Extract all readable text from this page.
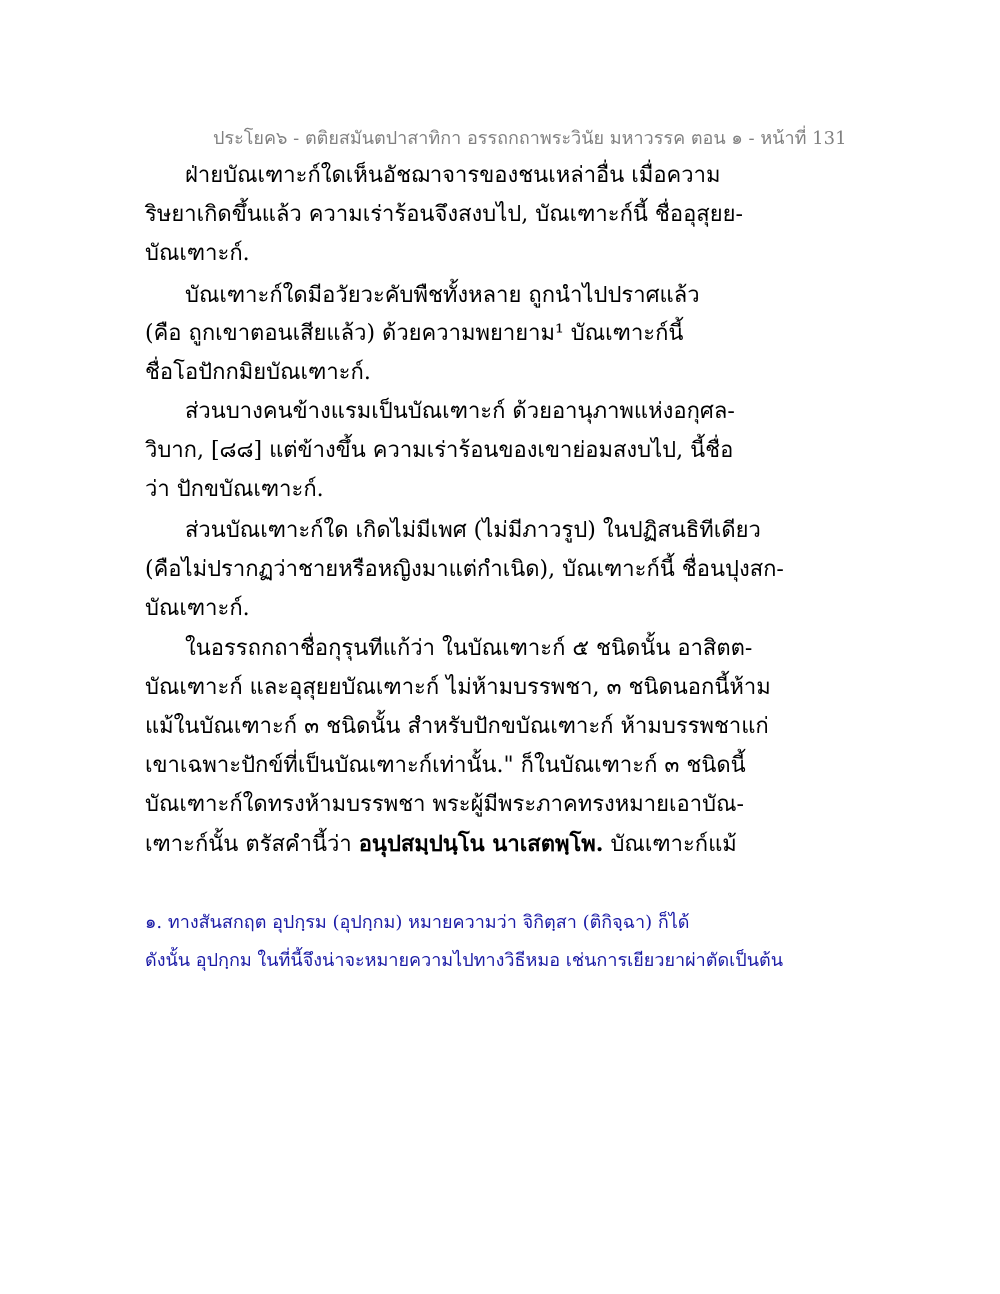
ประโยค๖ - ตติยสมันตปาสาทิกา อรรถกถาพระวินัย มหาวรรค ตอน ๑ - หน้าที่ 131
ฝ่ายบัณเฑาะก์ใดเห็นอัชฌาจารของชนเหล่าอื่น เมื่อความ
ริษยาเกิดขึ้นแล้ว ความเร่าร้อนจึงสงบไป, บัณเฑาะก์นี้ ชื่ออุสุยย-
บัณเฑาะก์.
บัณเฑาะก์ใดมีอวัยวะคับพืชทั้งหลาย ถูกนำไปปราศแล้ว
(คือ ถูกเขาตอนเสียแล้ว) ด้วยความพยายาม¹ บัณเฑาะก์นี้
ชื่อโอปักกมิยบัณเฑาะก์.
ส่วนบางคนข้างแรมเป็นบัณเฑาะก์ ด้วยอานุภาพแห่งอกุศล-
วิบาก, [๘๘] แต่ข้างขึ้น ความเร่าร้อนของเขาย่อมสงบไป, นี้ชื่อ
ว่า ปักขบัณเฑาะก์.
ส่วนบัณเฑาะก์ใด เกิดไม่มีเพศ (ไม่มีภาวรูป) ในปฏิสนธิทีเดียว
(คือไม่ปรากฏว่าชายหรือหญิงมาแต่กำเนิด), บัณเฑาะก์นี้ ชื่อนปุงสก-
บัณเฑาะก์.
ในอรรถกถาชื่อกุรุนทีแก้ว่า ในบัณเฑาะก์ ๕ ชนิดนั้น อาสิตต-
บัณเฑาะก์ และอุสุยยบัณเฑาะก์ ไม่ห้ามบรรพชา, ๓ ชนิดนอกนี้ห้าม
แม้ในบัณเฑาะก์ ๓ ชนิดนั้น สำหรับปักขบัณเฑาะก์ ห้ามบรรพชาแก่
เขาเฉพาะปักข์ที่เป็นบัณเฑาะก์เท่านั้น." ก็ในบัณเฑาะก์ ๓ ชนิดนี้
บัณเฑาะก์ใดทรงห้ามบรรพชา พระผู้มีพระภาคทรงหมายเอาบัณ-
เฑาะก์นั้น ตรัสคำนี้ว่า อนุปสมฺปนฺโน นาเสตพฺโพ. บัณเฑาะก์แม้
๑. ทางสันสกฤต อุปกฺรม (อุปกฺกม) หมายความว่า จิกิตฺสา (ติกิจฺฉา) ก็ได้
ดังนั้น อุปกฺกม ในที่นี้จึงน่าจะหมายความไปทางวิธีหมอ เช่นการเยียวยาผ่าตัดเป็นต้น
